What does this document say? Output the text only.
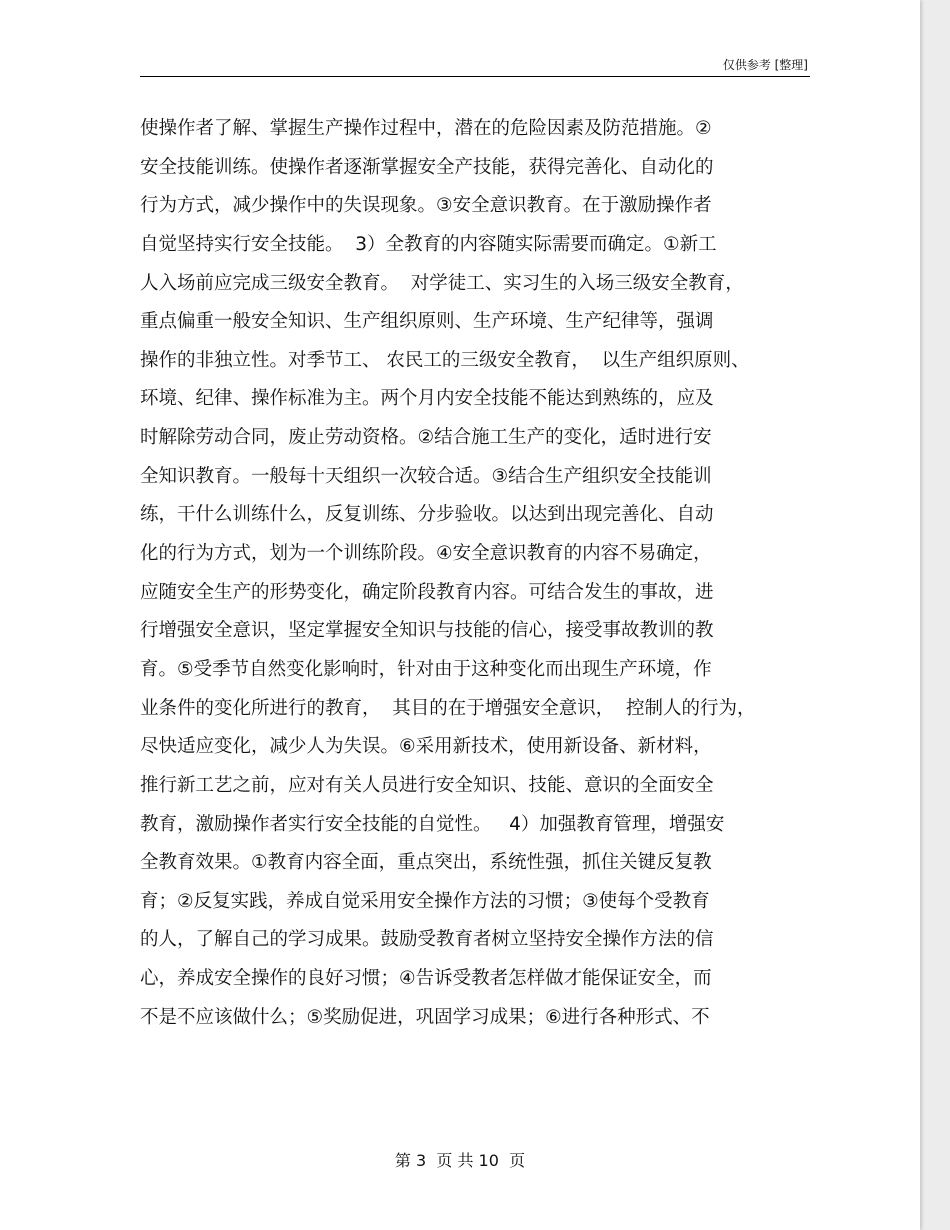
仅供参考 [整理]
使操作者了解、掌握生产操作过程中，潜在的危险因素及防范措施。②
安全技能训练。使操作者逐渐掌握安全产技能，获得完善化、自动化的
行为方式，减少操作中的失误现象。③安全意识教育。在于激励操作者
自觉坚持实行安全技能。  3）全教育的内容随实际需要而确定。①新工
人入场前应完成三级安全教育。  对学徒工、实习生的入场三级安全教育，
重点偏重一般安全知识、生产组织原则、生产环境、生产纪律等，强调
操作的非独立性。对季节工、 农民工的三级安全教育，  以生产组织原则、
环境、纪律、操作标准为主。两个月内安全技能不能达到熟练的，应及
时解除劳动合同，废止劳动资格。②结合施工生产的变化，适时进行安
全知识教育。一般每十天组织一次较合适。③结合生产组织安全技能训
练，干什么训练什么，反复训练、分步验收。以达到出现完善化、自动
化的行为方式，划为一个训练阶段。④安全意识教育的内容不易确定，
应随安全生产的形势变化，确定阶段教育内容。可结合发生的事故，进
行增强安全意识，坚定掌握安全知识与技能的信心，接受事故教训的教
育。⑤受季节自然变化影响时，针对由于这种变化而出现生产环境，作
业条件的变化所进行的教育，  其目的在于增强安全意识，  控制人的行为，
尽快适应变化，减少人为失误。⑥采用新技术，使用新设备、新材料，
推行新工艺之前，应对有关人员进行安全知识、技能、意识的全面安全
教育，激励操作者实行安全技能的自觉性。   4）加强教育管理，增强安
全教育效果。①教育内容全面，重点突出，系统性强，抓住关键反复教
育；②反复实践，养成自觉采用安全操作方法的习惯；③使每个受教育
的人，了解自己的学习成果。鼓励受教育者树立坚持安全操作方法的信
心，养成安全操作的良好习惯；④告诉受教者怎样做才能保证安全，而
不是不应该做什么；⑤奖励促进，巩固学习成果；⑥进行各种形式、不
第 3  页 共 10  页
